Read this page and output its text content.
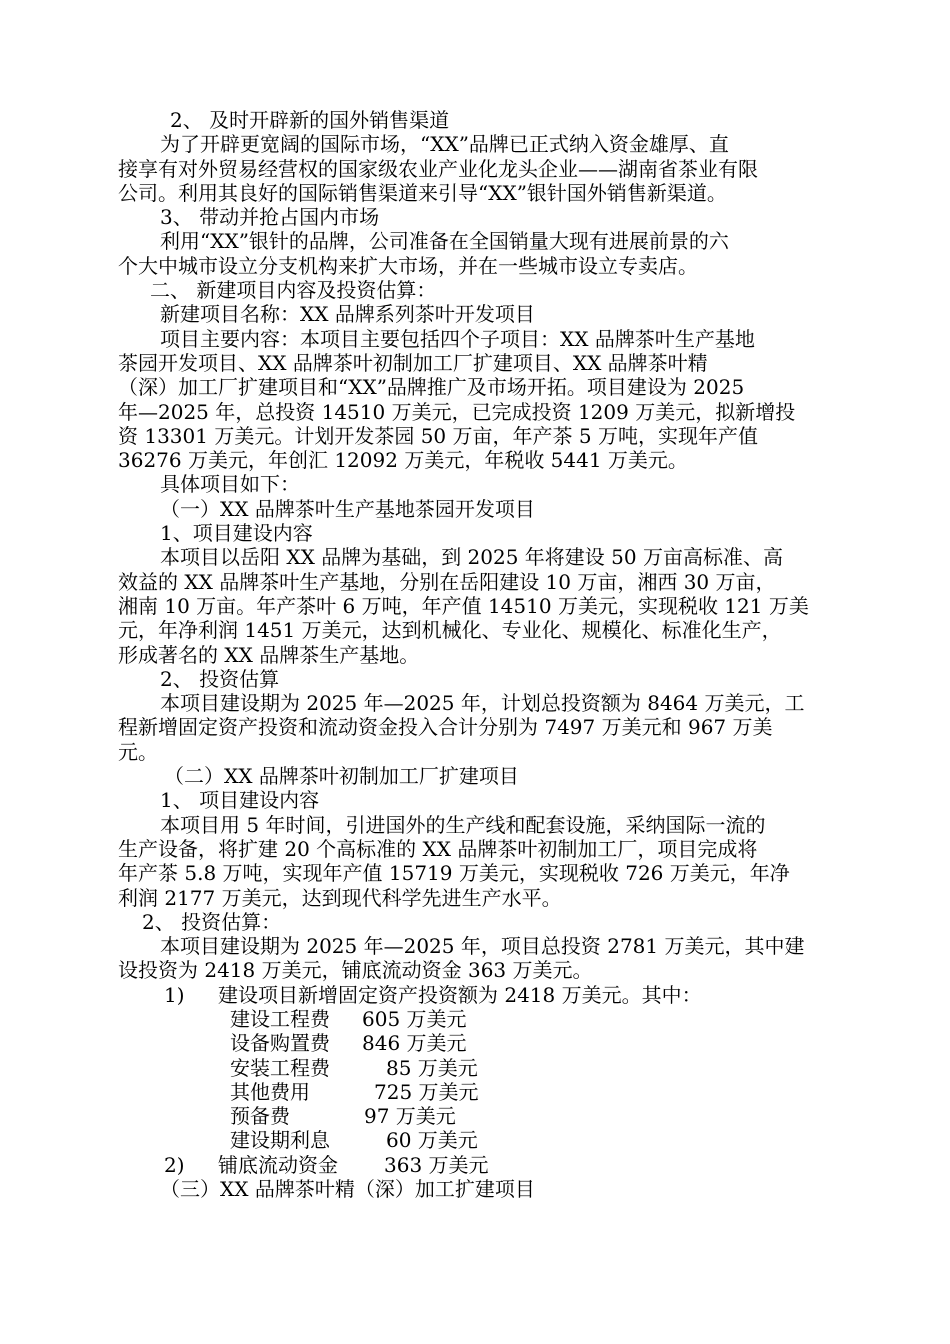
2、 及时开辟新的国外销售渠道
为了开辟更宽阔的国际市场，“XX”品牌已正式纳入资金雄厚、直
接享有对外贸易经营权的国家级农业产业化龙头企业——湖南省茶业有限
公司。利用其良好的国际销售渠道来引导“XX”银针国外销售新渠道。
3、 带动并抢占国内市场
利用“XX”银针的品牌，公司准备在全国销量大现有进展前景的六
个大中城市设立分支机构来扩大市场，并在一些城市设立专卖店。
二、 新建项目内容及投资估算：
新建项目名称：XX 品牌系列茶叶开发项目
项目主要内容：本项目主要包括四个子项目：XX 品牌茶叶生产基地
茶园开发项目、XX 品牌茶叶初制加工厂扩建项目、XX 品牌茶叶精
（深）加工厂扩建项目和“XX”品牌推广及市场开拓。项目建设为 2025
年—2025 年，总投资 14510 万美元，已完成投资 1209 万美元，拟新增投
资 13301 万美元。计划开发茶园 50 万亩，年产茶 5 万吨，实现年产值
36276 万美元，年创汇 12092 万美元，年税收 5441 万美元。
具体项目如下：
（一）XX 品牌茶叶生产基地茶园开发项目
1、项目建设内容
本项目以岳阳 XX 品牌为基础，到 2025 年将建设 50 万亩高标准、高
效益的 XX 品牌茶叶生产基地，分别在岳阳建设 10 万亩，湘西 30 万亩，
湘南 10 万亩。年产茶叶 6 万吨，年产值 14510 万美元，实现税收 121 万美
元，年净利润 1451 万美元，达到机械化、专业化、规模化、标准化生产，
形成著名的 XX 品牌茶生产基地。
2、 投资估算
本项目建设期为 2025 年—2025 年，计划总投资额为 8464 万美元，工
程新增固定资产投资和流动资金投入合计分别为 7497 万美元和 967 万美
元。
（二）XX 品牌茶叶初制加工厂扩建项目
1、 项目建设内容
本项目用 5 年时间，引进国外的生产线和配套设施，采纳国际一流的
生产设备，将扩建 20 个高标准的 XX 品牌茶叶初制加工厂，项目完成将
年产茶 5.8 万吨，实现年产值 15719 万美元，实现税收 726 万美元，年净
利润 2177 万美元，达到现代科学先进生产水平。
2、 投资估算：
本项目建设期为 2025 年—2025 年，项目总投资 2781 万美元，其中建
设投资为 2418 万美元，铺底流动资金 363 万美元。
1) 建设项目新增固定资产投资额为 2418 万美元。其中：
建设工程费 605 万美元
设备购置费 846 万美元
安装工程费	85 万美元
其他费用	725 万美元
预备费	97 万美元
建设期利息	60 万美元
2) 铺底流动资金 363 万美元
（三）XX 品牌茶叶精（深）加工扩建项目
